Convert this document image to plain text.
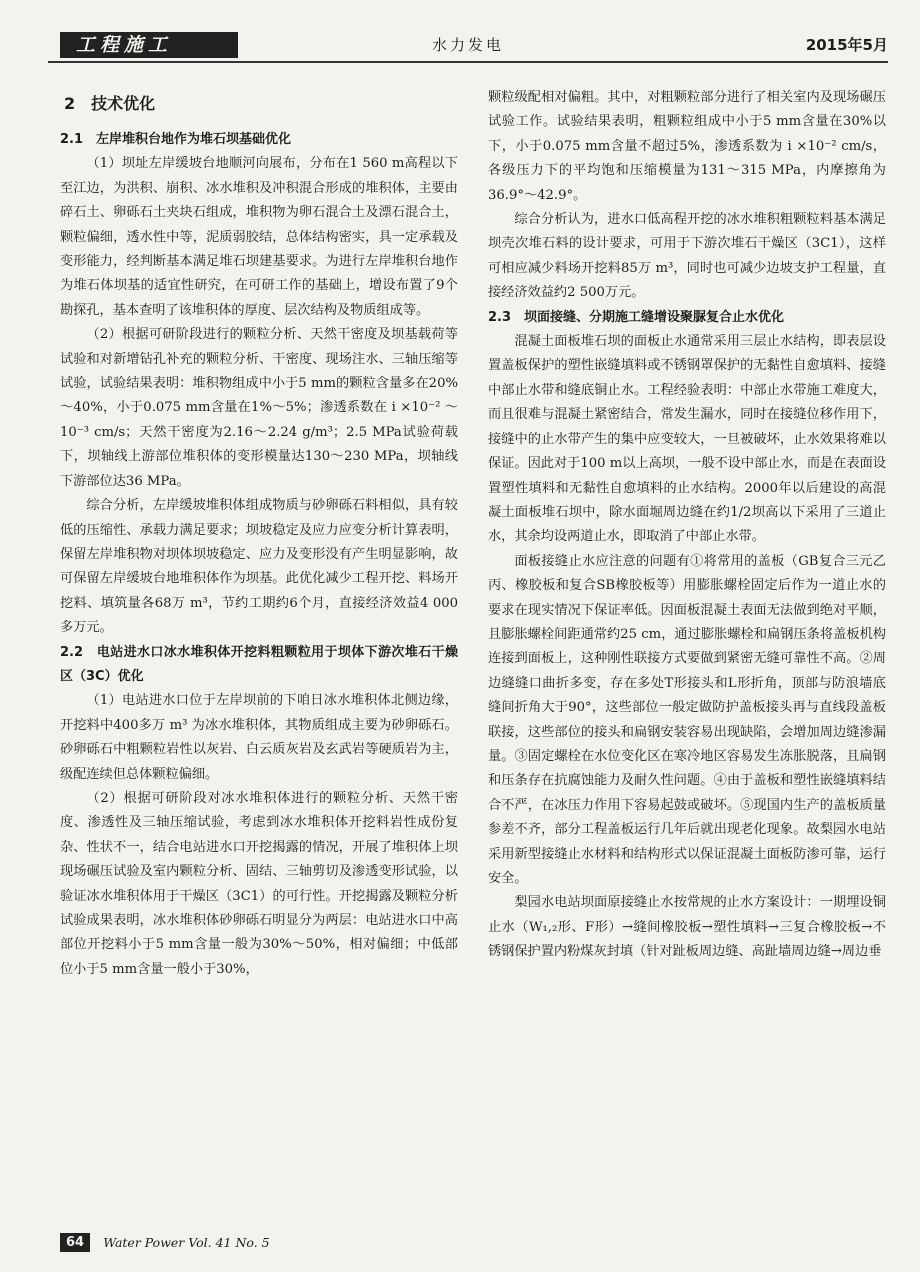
工程施工	水力发电	2015年5月

2　技术优化

2.1　左岸堆积台地作为堆石坝基础优化

（1）坝址左岸缓坡台地顺河向展布，分布在1 560 m高程以下至江边，为洪积、崩积、冰水堆积及冲积混合形成的堆积体，主要由碎石土、卵砾石土夹块石组成，堆积物为卵石混合土及漂石混合土，颗粒偏细，透水性中等，泥质弱胶结，总体结构密实，具一定承载及变形能力，经判断基本满足堆石坝建基要求。为进行左岸堆积台地作为堆石体坝基的适宜性研究，在可研工作的基础上，增设布置了9个勘探孔，基本查明了该堆积体的厚度、层次结构及物质组成等。

（2）根据可研阶段进行的颗粒分析、天然干密度及坝基载荷等试验和对新增钻孔补充的颗粒分析、干密度、现场注水、三轴压缩等试验，试验结果表明：堆积物组成中小于5 mm的颗粒含量多在20%～40%，小于0.075 mm含量在1%～5%；渗透系数在 i ×10⁻² ～10⁻³ cm/s；天然干密度为2.16～2.24 g/m³；2.5 MPa试验荷载下，坝轴线上游部位堆积体的变形模量达130～230 MPa，坝轴线下游部位达36 MPa。

综合分析，左岸缓坡堆积体组成物质与砂卵砾石料相似，具有较低的压缩性、承载力满足要求；坝坡稳定及应力应变分析计算表明，保留左岸堆积物对坝体坝坡稳定、应力及变形没有产生明显影响，故可保留左岸缓坡台地堆积体作为坝基。此优化减少工程开挖、料场开挖料、填筑量各68万 m³，节约工期约6个月，直接经济效益4 000多万元。

2.2　电站进水口冰水堆积体开挖料粗颗粒用于坝体下游次堆石干燥区（3C）优化

（1）电站进水口位于左岸坝前的下咱日冰水堆积体北侧边缘，开挖料中400多万 m³ 为冰水堆积体，其物质组成主要为砂卵砾石。砂卵砾石中粗颗粒岩性以灰岩、白云质灰岩及玄武岩等硬质岩为主，级配连续但总体颗粒偏细。

（2）根据可研阶段对冰水堆积体进行的颗粒分析、天然干密度、渗透性及三轴压缩试验，考虑到冰水堆积体开挖料岩性成份复杂、性状不一，结合电站进水口开挖揭露的情况，开展了堆积体上坝现场碾压试验及室内颗粒分析、固结、三轴剪切及渗透变形试验，以验证冰水堆积体用于干燥区（3C1）的可行性。开挖揭露及颗粒分析试验成果表明，冰水堆积体砂卵砾石明显分为两层：电站进水口中高部位开挖料小于5 mm含量一般为30%～50%，相对偏细；中低部位小于5 mm含量一般小于30%，

颗粒级配相对偏粗。其中，对粗颗粒部分进行了相关室内及现场碾压试验工作。试验结果表明，粗颗粒组成中小于5 mm含量在30%以下，小于0.075 mm含量不超过5%，渗透系数为 i ×10⁻² cm/s，各级压力下的平均饱和压缩模量为131～315 MPa，内摩擦角为36.9°～42.9°。

综合分析认为，进水口低高程开挖的冰水堆积粗颗粒料基本满足坝壳次堆石料的设计要求，可用于下游次堆石干燥区（3C1），这样可相应减少料场开挖料85万 m³，同时也可减少边坡支护工程量，直接经济效益约2 500万元。

2.3　坝面接缝、分期施工缝增设聚脲复合止水优化

混凝土面板堆石坝的面板止水通常采用三层止水结构，即表层设置盖板保护的塑性嵌缝填料或不锈钢罩保护的无黏性自愈填料、接缝中部止水带和缝底铜止水。工程经验表明：中部止水带施工难度大，而且很难与混凝土紧密结合，常发生漏水，同时在接缝位移作用下，接缝中的止水带产生的集中应变较大，一旦被破坏，止水效果将难以保证。因此对于100 m以上高坝，一般不设中部止水，而是在表面设置塑性填料和无黏性自愈填料的止水结构。2000年以后建设的高混凝土面板堆石坝中，除水面堀周边缝在约1/2坝高以下采用了三道止水，其余均设两道止水，即取消了中部止水带。

面板接缝止水应注意的问题有①将常用的盖板（GB复合三元乙丙、橡胶板和复合SB橡胶板等）用膨胀螺栓固定后作为一道止水的要求在现实情况下保证率低。因面板混凝土表面无法做到绝对平顺，且膨胀螺栓间距通常约25 cm，通过膨胀螺栓和扁钢压条将盖板机构连接到面板上，这种刚性联接方式要做到紧密无缝可靠性不高。②周边缝缝口曲折多变，存在多处T形接头和L形折角，顶部与防浪墙底缝间折角大于90°，这些部位一般定做防护盖板接头再与直线段盖板联接，这些部位的接头和扁钢安装容易出现缺陷，会增加周边缝渗漏量。③固定螺栓在水位变化区在寒冷地区容易发生冻胀脱落，且扁钢和压条存在抗腐蚀能力及耐久性问题。④由于盖板和塑性嵌缝填料结合不严，在冰压力作用下容易起鼓或破坏。⑤现国内生产的盖板质量参差不齐，部分工程盖板运行几年后就出现老化现象。故梨园水电站采用新型接缝止水材料和结构形式以保证混凝土面板防渗可靠，运行安全。

梨园水电站坝面原接缝止水按常规的止水方案设计：一期埋设铜止水（W₁,₂形、F形）→缝间橡胶板→塑性填料→三复合橡胶板→不锈钢保护置内粉煤灰封填（针对趾板周边缝、高趾墙周边缝→周边垂

64 Water Power Vol. 41 No. 5
